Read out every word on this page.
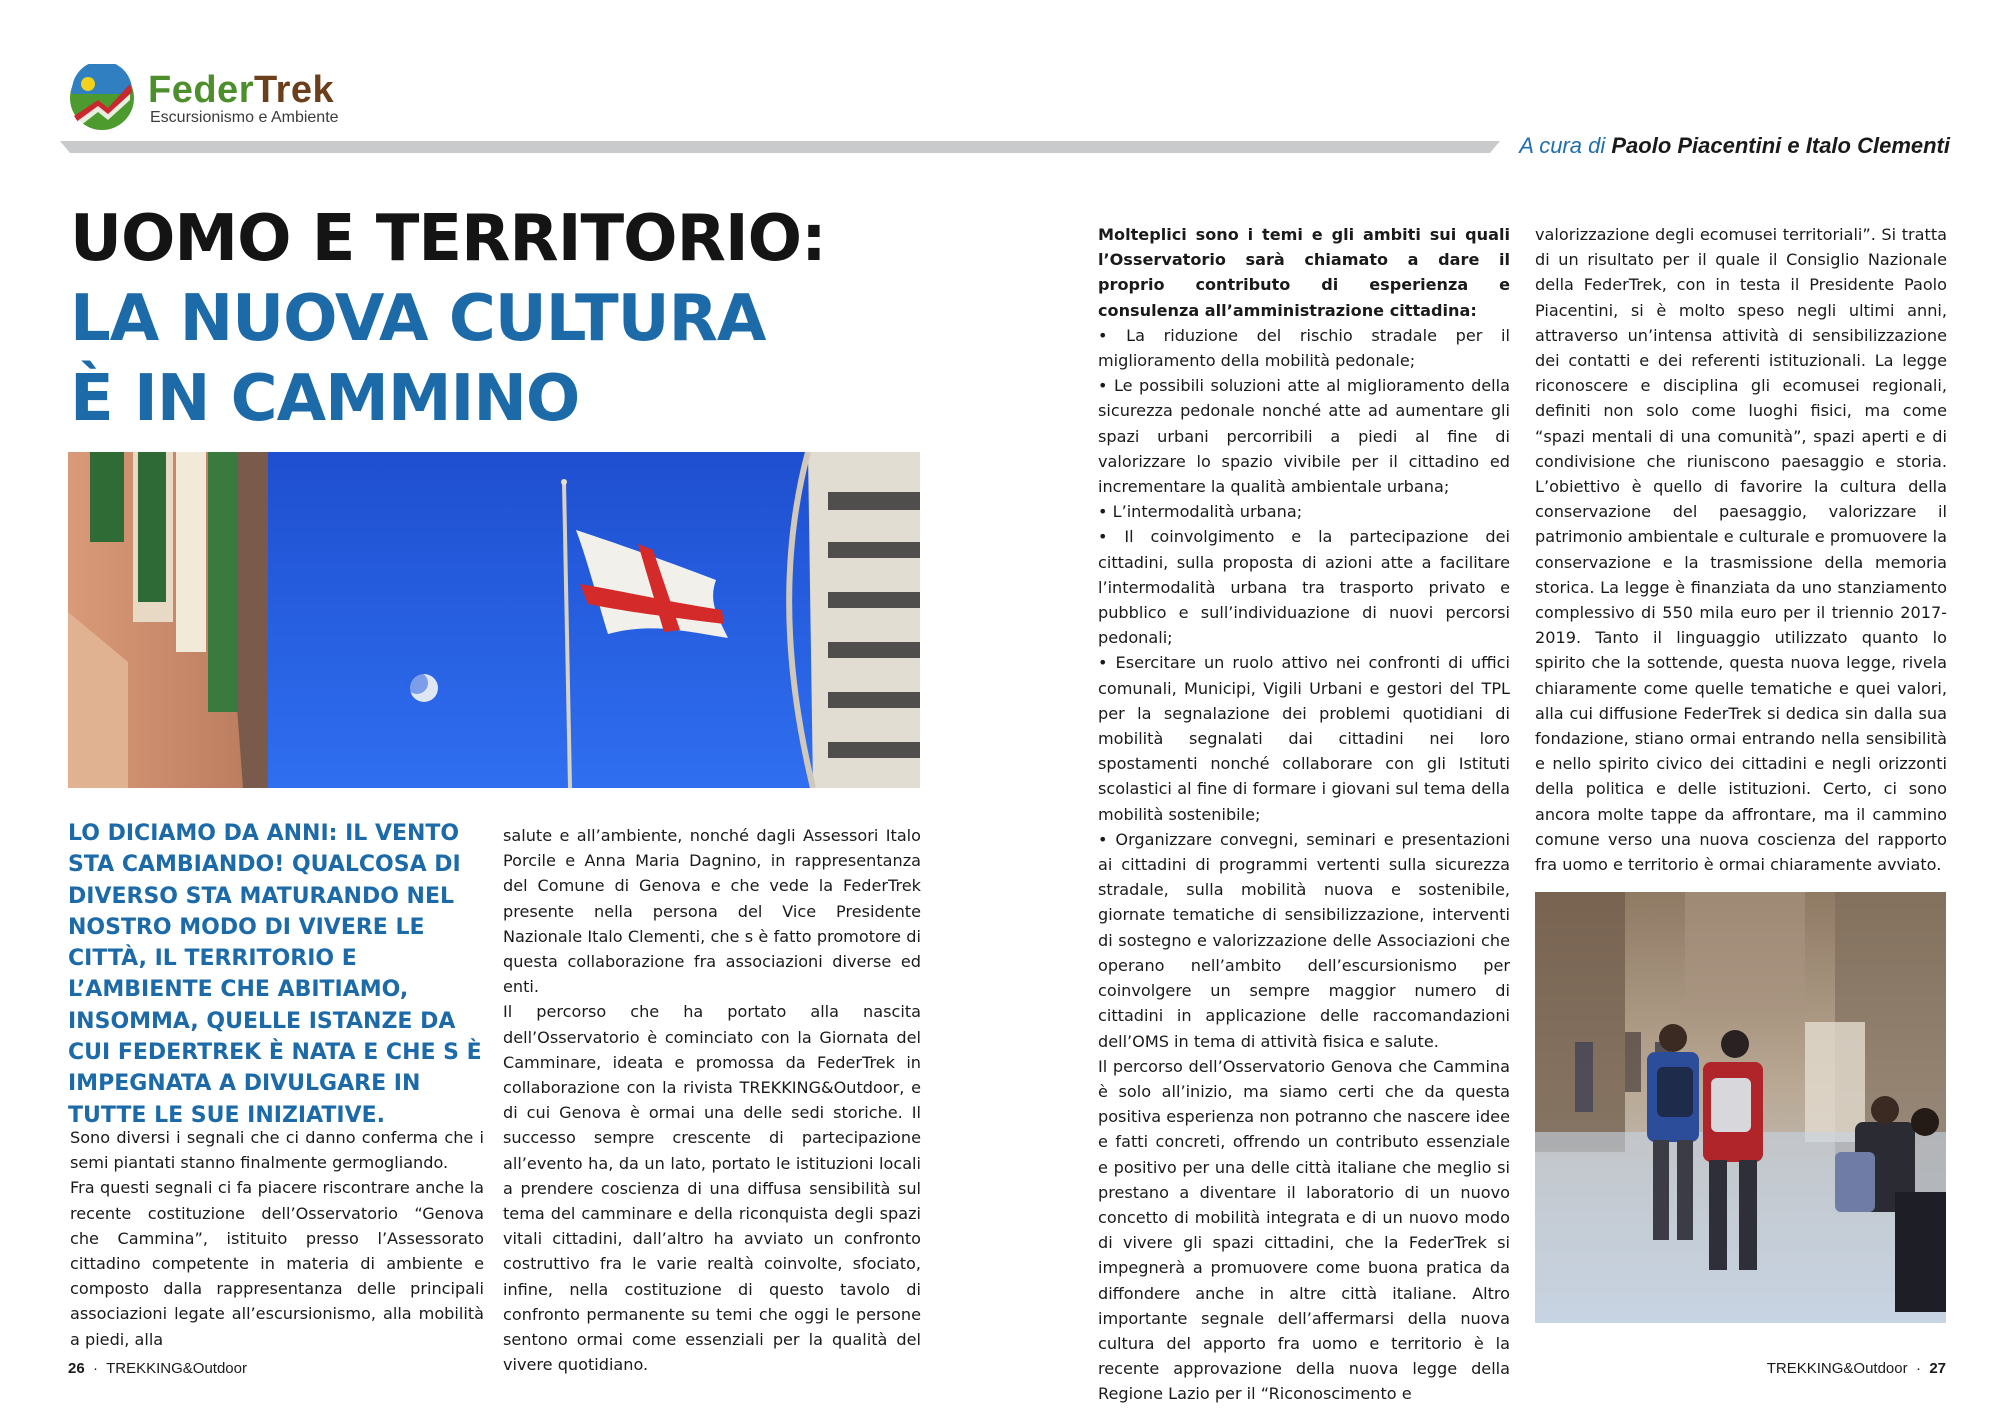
FederTrek
Escursionismo e Ambiente
A cura di Paolo Piacentini e Italo Clementi
UOMO E TERRITORIO:
LA NUOVA CULTURA
È IN CAMMINO
LO DICIAMO DA ANNI: IL VENTO STA CAMBIANDO! QUALCOSA DI DIVERSO STA MATURANDO NEL NOSTRO MODO DI VIVERE LE CITTÀ, IL TERRITORIO E L’AMBIENTE CHE ABITIAMO, INSOMMA, QUELLE ISTANZE DA CUI FEDERTREK È NATA E CHE S È IMPEGNATA A DIVULGARE IN TUTTE LE SUE INIZIATIVE.

Sono diversi i segnali che ci danno conferma che i semi piantati stanno finalmente germogliando.

Fra questi segnali ci fa piacere riscontrare anche la recente costituzione dell’Osservatorio “Genova che Cammina”, istituito presso l’Assessorato cittadino competente in materia di ambiente e composto dalla rappresentanza delle principali associazioni legate all’escursionismo, alla mobilità a piedi, alla

salute e all’ambiente, nonché dagli Assessori Italo Porcile e Anna Maria Dagnino, in rappresentanza del Comune di Genova e che vede la FederTrek presente nella persona del Vice Presidente Nazionale Italo Clementi, che s è fatto promotore di questa collaborazione fra associazioni diverse ed enti.

Il percorso che ha portato alla nascita dell’Osservatorio è cominciato con la Giornata del Camminare, ideata e promossa da FederTrek in collaborazione con la rivista TREKKING&Outdoor, e di cui Genova è ormai una delle sedi storiche. Il successo sempre crescente di partecipazione all’evento ha, da un lato, portato le istituzioni locali a prendere coscienza di una diffusa sensibilità sul tema del camminare e della riconquista degli spazi vitali cittadini, dall’altro ha avviato un confronto costruttivo fra le varie realtà coinvolte, sfociato, infine, nella costituzione di questo tavolo di confronto permanente su temi che oggi le persone sentono ormai come essenziali per la qualità del vivere quotidiano.

Molteplici sono i temi e gli ambiti sui quali l’Osservatorio sarà chiamato a dare il proprio contributo di esperienza e consulenza all’amministrazione cittadina:

• La riduzione del rischio stradale per il miglioramento della mobilità pedonale;

• Le possibili soluzioni atte al miglioramento della sicurezza pedonale nonché atte ad aumentare gli spazi urbani percorribili a piedi al fine di valorizzare lo spazio vivibile per il cittadino ed incrementare la qualità ambientale urbana;

• L’intermodalità urbana;

• Il coinvolgimento e la partecipazione dei cittadini, sulla proposta di azioni atte a facilitare l’intermodalità urbana tra trasporto privato e pubblico e sull’individuazione di nuovi percorsi pedonali;

• Esercitare un ruolo attivo nei confronti di uffici comunali, Municipi, Vigili Urbani e gestori del TPL per la segnalazione dei problemi quotidiani di mobilità segnalati dai cittadini nei loro spostamenti nonché collaborare con gli Istituti scolastici al fine di formare i giovani sul tema della mobilità sostenibile;

• Organizzare convegni, seminari e presentazioni ai cittadini di programmi vertenti sulla sicurezza stradale, sulla mobilità nuova e sostenibile, giornate tematiche di sensibilizzazione, interventi di sostegno e valorizzazione delle Associazioni che operano nell’ambito dell’escursionismo per coinvolgere un sempre maggior numero di cittadini in applicazione delle raccomandazioni dell’OMS in tema di attività fisica e salute.

Il percorso dell’Osservatorio Genova che Cammina è solo all’inizio, ma siamo certi che da questa positiva esperienza non potranno che nascere idee e fatti concreti, offrendo un contributo essenziale e positivo per una delle città italiane che meglio si prestano a diventare il laboratorio di un nuovo concetto di mobilità integrata e di un nuovo modo di vivere gli spazi cittadini, che la FederTrek si impegnerà a promuovere come buona pratica da diffondere anche in altre città italiane. Altro importante segnale dell’affermarsi della nuova cultura del apporto fra uomo e territorio è la recente approvazione della nuova legge della Regione Lazio per il “Riconoscimento e

valorizzazione degli ecomusei territoriali”. Si tratta di un risultato per il quale il Consiglio Nazionale della FederTrek, con in testa il Presidente Paolo Piacentini, si è molto speso negli ultimi anni, attraverso un’intensa attività di sensibilizzazione dei contatti e dei referenti istituzionali. La legge riconoscere e disciplina gli ecomusei regionali, definiti non solo come luoghi fisici, ma come “spazi mentali di una comunità”, spazi aperti e di condivisione che riuniscono paesaggio e storia. L’obiettivo è quello di favorire la cultura della conservazione del paesaggio, valorizzare il patrimonio ambientale e culturale e promuovere la conservazione e la trasmissione della memoria storica. La legge è finanziata da uno stanziamento complessivo di 550 mila euro per il triennio 2017-2019. Tanto il linguaggio utilizzato quanto lo spirito che la sottende, questa nuova legge, rivela chiaramente come quelle tematiche e quei valori, alla cui diffusione FederTrek si dedica sin dalla sua fondazione, stiano ormai entrando nella sensibilità e nello spirito civico dei cittadini e negli orizzonti della politica e delle istituzioni. Certo, ci sono ancora molte tappe da affrontare, ma il cammino comune verso una nuova coscienza del rapporto fra uomo e territorio è ormai chiaramente avviato.

26 · TREKKING&Outdoor	TREKKING&Outdoor · 27
